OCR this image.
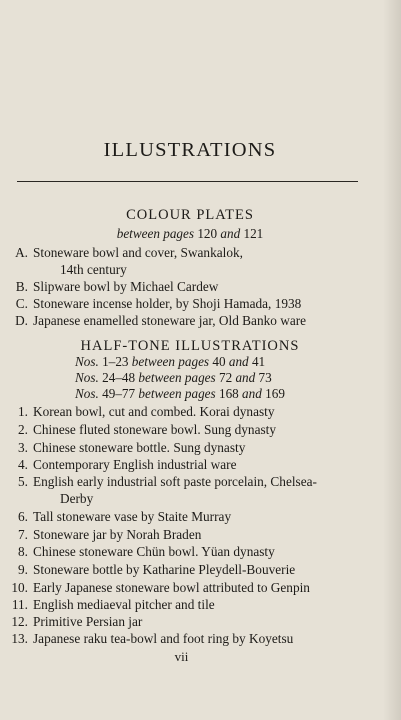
ILLUSTRATIONS
COLOUR PLATES
between pages 120 and 121
A. Stoneware bowl and cover, Swankalok,
14th century
B. Slipware bowl by Michael Cardew
C. Stoneware incense holder, by Shoji Hamada, 1938
D. Japanese enamelled stoneware jar, Old Banko ware
HALF-TONE ILLUSTRATIONS
Nos. 1–23 between pages 40 and 41
Nos. 24–48 between pages 72 and 73
Nos. 49–77 between pages 168 and 169
1. Korean bowl, cut and combed. Korai dynasty
2. Chinese fluted stoneware bowl. Sung dynasty
3. Chinese stoneware bottle. Sung dynasty
4. Contemporary English industrial ware
5. English early industrial soft paste porcelain, Chelsea-
Derby
6. Tall stoneware vase by Staite Murray
7. Stoneware jar by Norah Braden
8. Chinese stoneware Chün bowl. Yüan dynasty
9. Stoneware bottle by Katharine Pleydell-Bouverie
10. Early Japanese stoneware bowl attributed to Genpin
11. English mediaeval pitcher and tile
12. Primitive Persian jar
13. Japanese raku tea-bowl and foot ring by Koyetsu
vii
